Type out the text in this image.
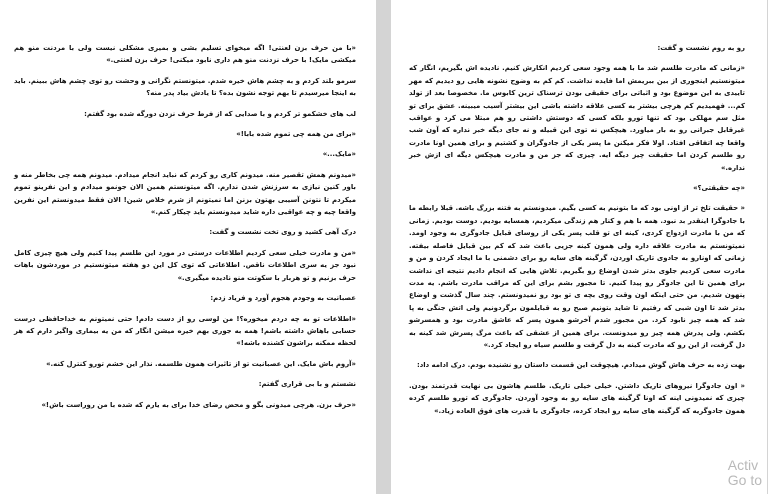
«با من حرف بزن لعنتی! اگه میخوای تسلیم بشی و بمیری مشکلی نیست ولی با مردنت منو هم میکشی مایک! با حرف نزدنت منو هم داری نابود میکنی! حرف بزن لعنتی.»

سرمو بلند کردم و به چشم هاش خیره شدم. میتونستم نگرانی و وحشت رو توی چشم هاش ببینم. باید به اینجا میرسیدم تا بهم توجه نشون بده؟ تا یادش بیاد پدر منه؟

لب های خشکمو تر کردم و با صدایی که از فرط حرف نزدن دورگه شده بود گفتم:

«برای من همه چی تموم شده بابا!»

«مایک...»

«میدونم همش تقصیر منه. میدونم کاری رو کردم که نباید انجام میدادم. میدونم همه چی بخاطر منه و باور کنین نیازی به سرزنش شدن ندارم. اگه میتونستم همین الان جونمو میدادم و این نفرینو تموم میکردم تا نتونن آسیبی بهتون بزنن اما نمیتونم از شرم خلاص شین! الان فقط میدونستم این نفرین واقعا چیه و چه عواقبی داره شاید میدونستم باید چیکار کنم.»

درک آهی کشید و روی تخت نشست و گفت:

«من و مادرت خیلی سعی کردیم اطلاعات درستی در مورد این طلسم پیدا کنیم ولی هیچ چیزی کامل نبود جز یه سری اطلاعات ناقص. اطلاعاتی که توی کل این دو هفته میتونستیم در موردشون باهات حرف بزنیم و تو هربار با سکوتت منو نادیده میگیری.»

عصبانیت به وجودم هجوم آورد و فریاد زدم:

«اطلاعات تو به چه دردم میخوره؟! من لوسی رو از دست دادم! حتی نمیتونم به خداحافظی درست حسابی باهاش داشته باشم! همه به جوری بهم خیره میشن انگار که من یه بیماری واگیر دارم که هر لحظه ممکنه براشون کشنده باشه!»

«آروم باش مایک. این عصبانیت تو از تاثیرات همون طلسمه. نذار این خشم تورو کنترل کنه.»

نشستم و با بی قراری گفتم:

«حرف بزن. هرچی میدونی بگو و محض رضای خدا برای به یارم که شده با من روراست باش!»

رو به روم نشست و گفت:

«زمانی که مادرت طلسم شد ما با همه وجود سعی کردیم انکارش کنیم. نادیده اش بگیریم، انگار که میتونستیم اینجوری از بین ببریمش اما فایده نداشت. کم کم به وضوح نشونه هایی رو دیدیم که مهر تاییدی به این موضوع بود و اثباتی برای حقیقی بودن ترسناک ترین کابوس ما. مخصوصا بعد از تولد کم... فهمیدیم کم هرچی بیشتر به کسی علاقه داشته باشی این بیشتر آسیب میبینه. عشق برای تو مثل سم مهلکی بود که تنها تورو بلکه کسی که دوستش داشتی رو هم مبتلا می کرد و عواقب غیرقابل جبرانی رو به بار میاورد. هیچکس نه توی این قبیله و نه جای دیگه خبر نداره که آون شب واقعا چه اتفاقی افتاد. اولا فکر میکنن ما پسر یکی از جادوگران و کشتیم و برای همین اونا مادرت رو طلسم کردن اما حقیقت چیز دیگه ایه. چیزی که جز من و مادرت هیچکس دیگه ای ازش خبر نداره.»

«چه حقیقتی؟»

« حقیقت تلخ تر از اونی بود که ما بتونیم به کسی بگیم. میدونستم به فتنه بزرگ باشه. قبلا رابطه ما با جادوگرا اینقدر بد نبود. همه با هم و کنار هم زندگی میکردیم، همسایه بودیم. دوست بودیم. زمانی که من با مادرت ازدواج کردی، کینه ای تو قلب پسر یکی از روسای قبایل جادوگری به وجود اومد. نمیتونستم به مادرت علاقه داره ولی همون کینه جزیی باعث شد که کم بین قبایل فاصله بیفته. زمانی که اونارو به جادوی تاریک اوردن، گرگینه های سایه رو برای دشمنی با ما ایجاد کردن و من و مادرت سعی کردیم جلوی بدتر شدن اوضاع رو بگیریم. تلاش هایی که انجام دادیم نتیجه ای نداشت برای همین تا این جادوگر رو پیدا کنیم. تا مجبور بشم برای این که مراقب مادرت باشم. یه مدت پنهون شدیم. من حتی اینکه اون وقت روی بچه ی تو بود رو نمیدونستم. چند سال گذشت و اوضاع بدتر شد تا اون شبی که رفتیم تا شاید بتونیم صبح رو به قبایلمون برگردونیم ولی اتش جنگی به پا شد که همه چیز نابود کرد. من مجبور شدم آخرشو همون پسر که عاشق مادرت بود و همسرشو بکشم. ولی پدرش همه چیز رو میدونست. برای همین از عشقی که باعث مرگ پسرش شد کینه به دل گرفت، از این رو که مادرت کینه به دل گرفت و طلسم سیاه رو ایجاد کرد.»

بهت زده به حرف هاش گوش میدادم. هیچوقت این قسمت داستان رو نشنیده بودم. درک ادامه داد:

« اون جادوگرا نیروهای تاریک داشتن. خیلی خیلی تاریک. طلسم هاشون بی نهایت قدرتمند بودن. چیزی که نمیدونی اینه که اونا گرگینه های سایه رو به وجود آوردن. جادوگری که تورو طلسم کرده همون جادوگریه که گرگینه های سایه رو ایجاد کرده، جادوگری با قدرت های فوق العاده زیاد.»

Activ
Go to
